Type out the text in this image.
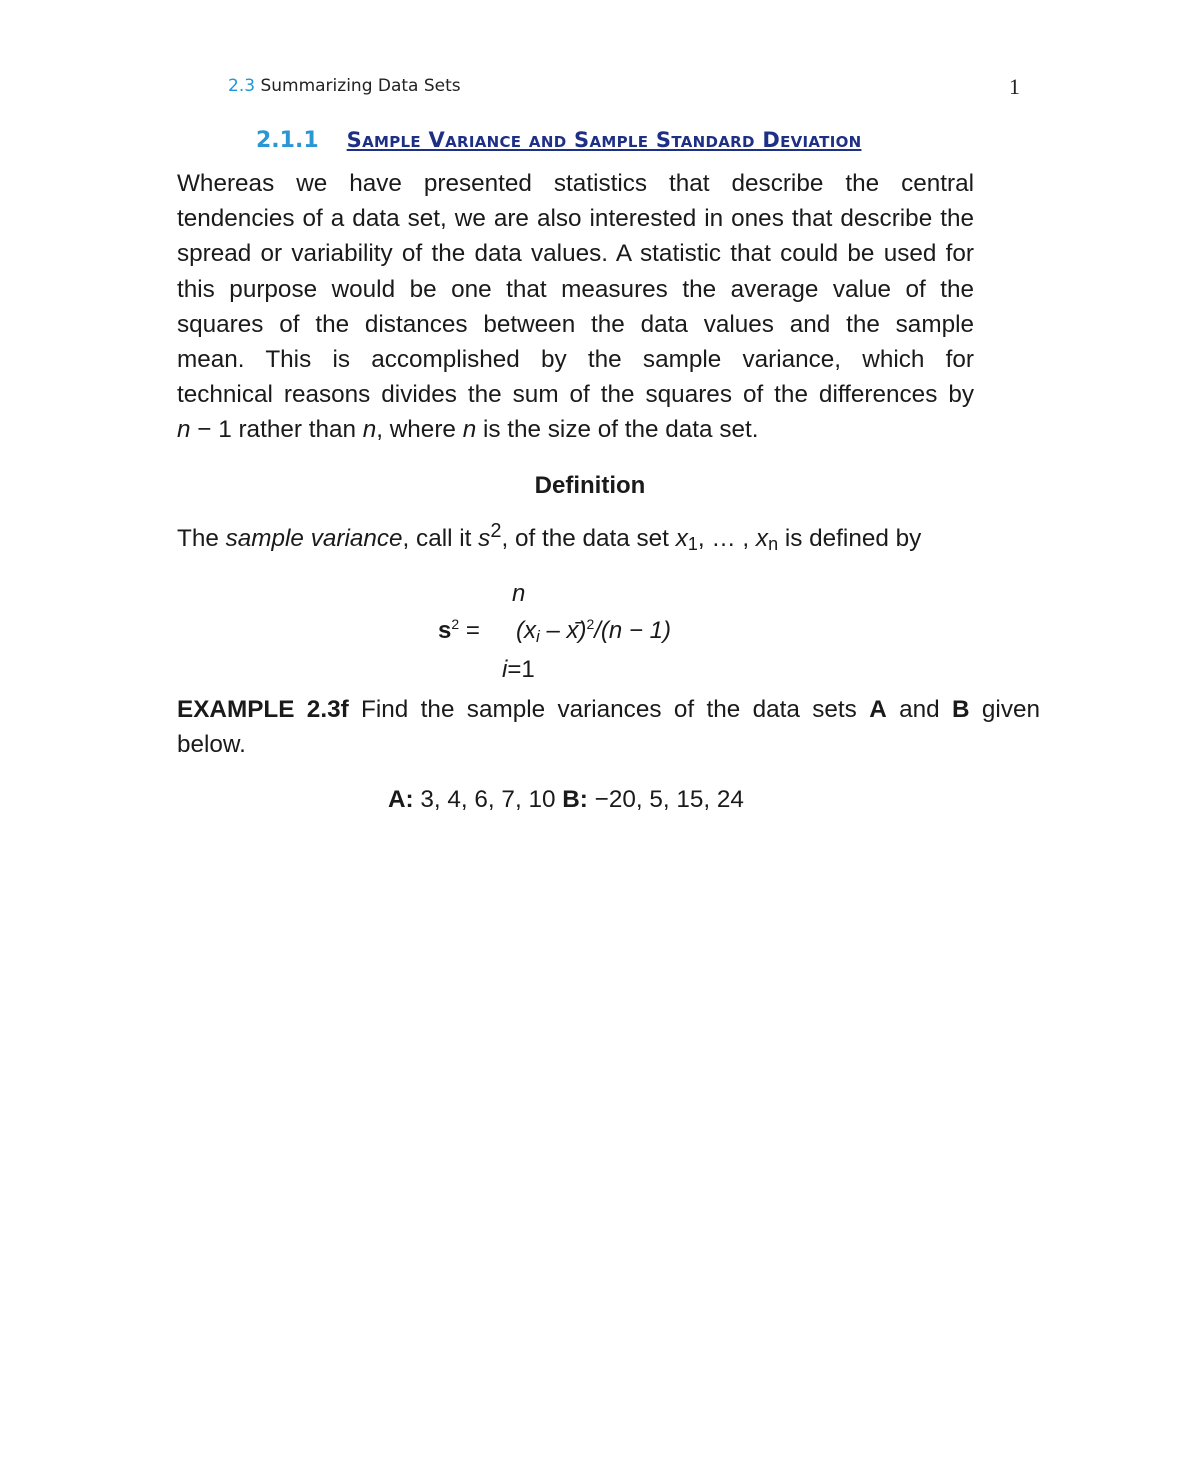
2.3 Summarizing Data Sets	1
2.1.1 Sample Variance and Sample Standard Deviation
Whereas we have presented statistics that describe the central
tendencies of a data set, we are also interested in ones that describe the
spread or variability of the data values. A statistic that could be used for
this purpose would be one that measures the average value of the
squares of the distances between the data values and the sample
mean. This is accomplished by the sample variance, which for
technical reasons divides the sum of the squares of the differences by
n − 1 rather than n, where n is the size of the data set.
Definition
The sample variance, call it $s^2$, of the data set $x_1$, … , $x_n$ is defined by
n
$s^2 = (x_i - x)^2/(n - 1)$
i=1
EXAMPLE 2.3f Find the sample variances of the data sets A and B given
below.
A: 3, 4, 6, 7, 10 B: −20, 5, 15, 24
